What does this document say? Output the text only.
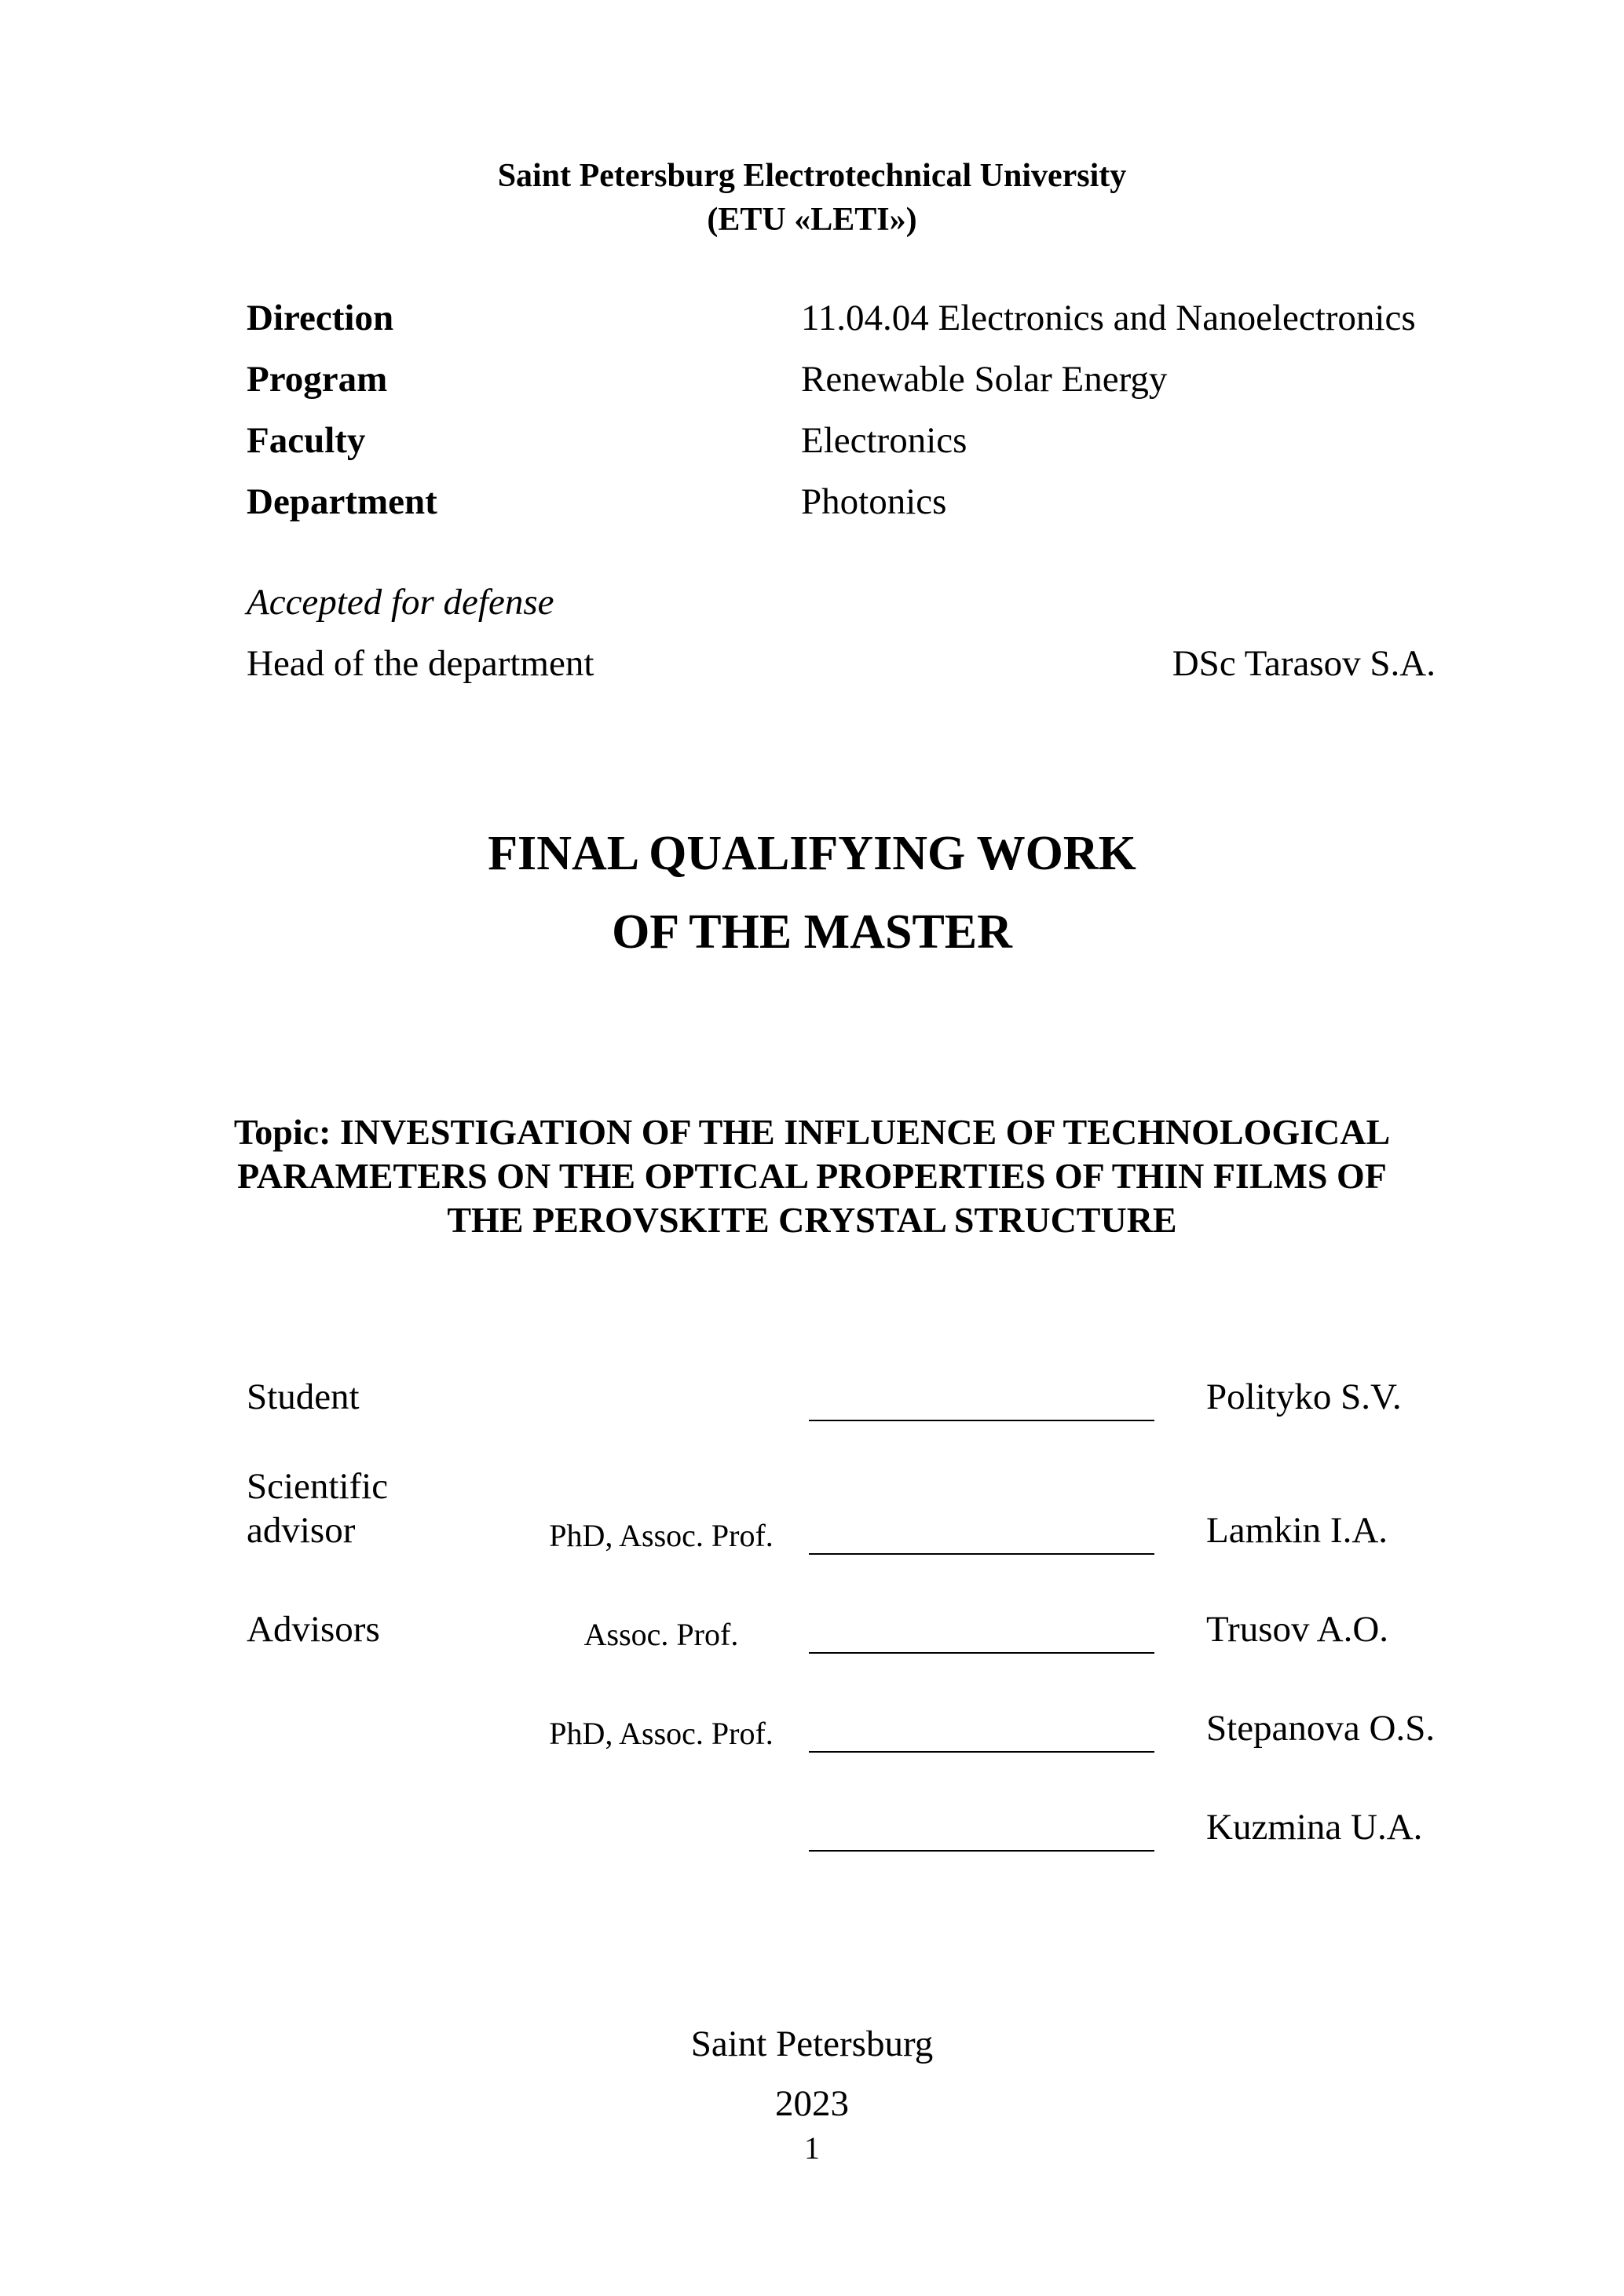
Saint Petersburg Electrotechnical University
(ETU «LETI»)
Direction	11.04.04 Electronics and Nanoelectronics
Program	Renewable Solar Energy
Faculty	Electronics
Department	Photonics
Accepted for defense
Head of the department	DSc Tarasov S.A.
FINAL QUALIFYING WORK
OF THE MASTER
Topic: INVESTIGATION OF THE INFLUENCE OF TECHNOLOGICAL
PARAMETERS ON THE OPTICAL PROPERTIES OF THIN FILMS OF
THE PEROVSKITE CRYSTAL STRUCTURE
Student	Polityko S.V.
Scientific
advisor	PhD, Assoc. Prof.	Lamkin I.A.
Advisors	Assoc. Prof.	Trusov A.O.
PhD, Assoc. Prof.	Stepanova O.S.
Kuzmina U.A.
Saint Petersburg
2023
1
